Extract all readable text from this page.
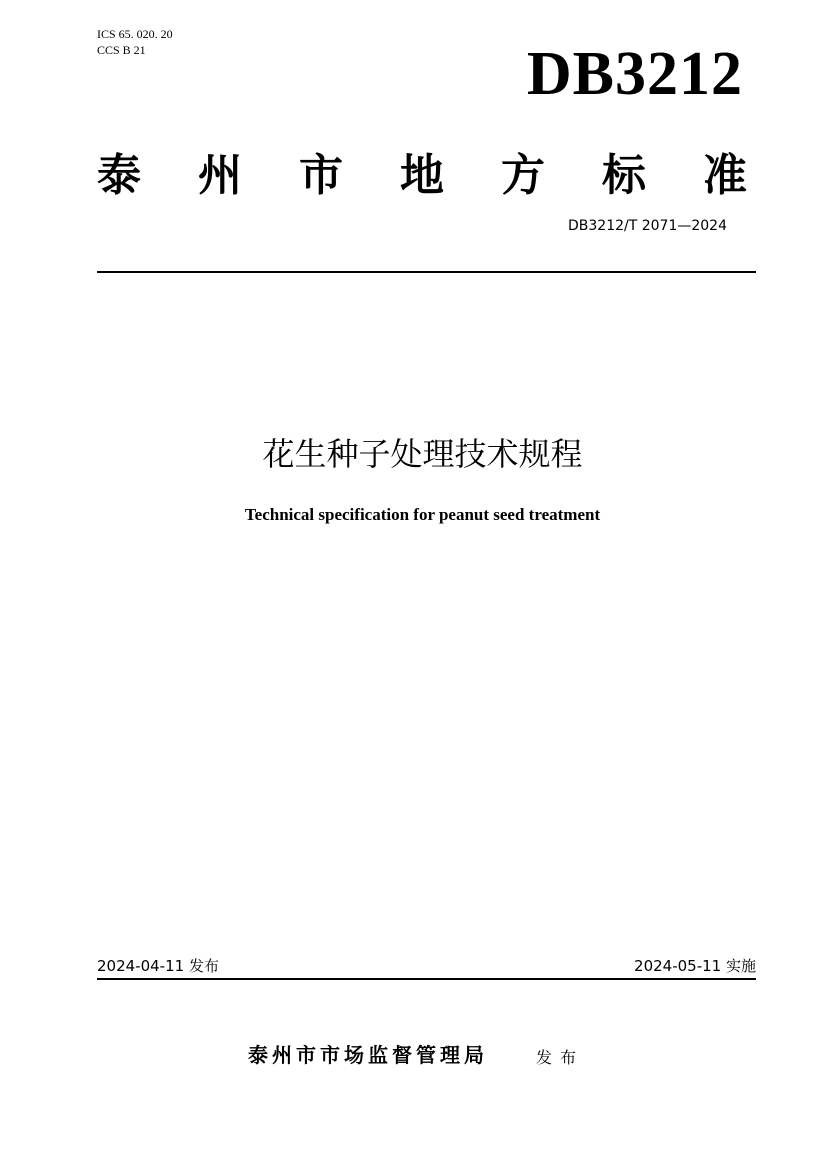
ICS 65. 020. 20
CCS B 21	DB3212
泰 州 市 地 方 标 准
DB3212/T 2071—2024
花生种子处理技术规程
Technical specification for peanut seed treatment
2024-04-11 发布	2024-05-11 实施
泰州市市场监督管理局	发布
